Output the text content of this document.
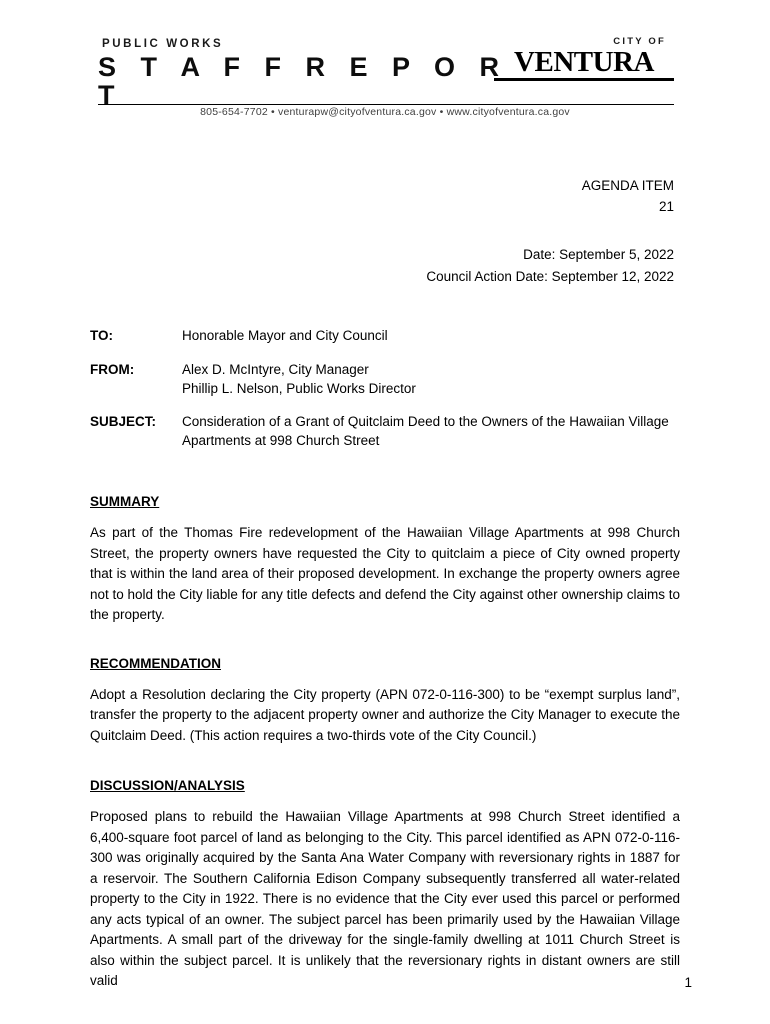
PUBLIC WORKS
S T A F F R E P O R T
CITY OF
VENTURA
805-654-7702 • venturapw@cityofventura.ca.gov • www.cityofventura.ca.gov
AGENDA ITEM
21
Date: September 5, 2022
Council Action Date: September 12, 2022
TO:	Honorable Mayor and City Council
FROM:	Alex D. McIntyre, City Manager
Phillip L. Nelson, Public Works Director
SUBJECT:	Consideration of a Grant of Quitclaim Deed to the Owners of the Hawaiian Village Apartments at 998 Church Street
SUMMARY

As part of the Thomas Fire redevelopment of the Hawaiian Village Apartments at 998 Church Street, the property owners have requested the City to quitclaim a piece of City owned property that is within the land area of their proposed development. In exchange the property owners agree not to hold the City liable for any title defects and defend the City against other ownership claims to the property.

RECOMMENDATION

Adopt a Resolution declaring the City property (APN 072-0-116-300) to be “exempt surplus land”, transfer the property to the adjacent property owner and authorize the City Manager to execute the Quitclaim Deed. (This action requires a two-thirds vote of the City Council.)

DISCUSSION/ANALYSIS

Proposed plans to rebuild the Hawaiian Village Apartments at 998 Church Street identified a 6,400-square foot parcel of land as belonging to the City. This parcel identified as APN 072-0-116-300 was originally acquired by the Santa Ana Water Company with reversionary rights in 1887 for a reservoir. The Southern California Edison Company subsequently transferred all water-related property to the City in 1922. There is no evidence that the City ever used this parcel or performed any acts typical of an owner. The subject parcel has been primarily used by the Hawaiian Village Apartments. A small part of the driveway for the single-family dwelling at 1011 Church Street is also within the subject parcel. It is unlikely that the reversionary rights in distant owners are still valid	1
